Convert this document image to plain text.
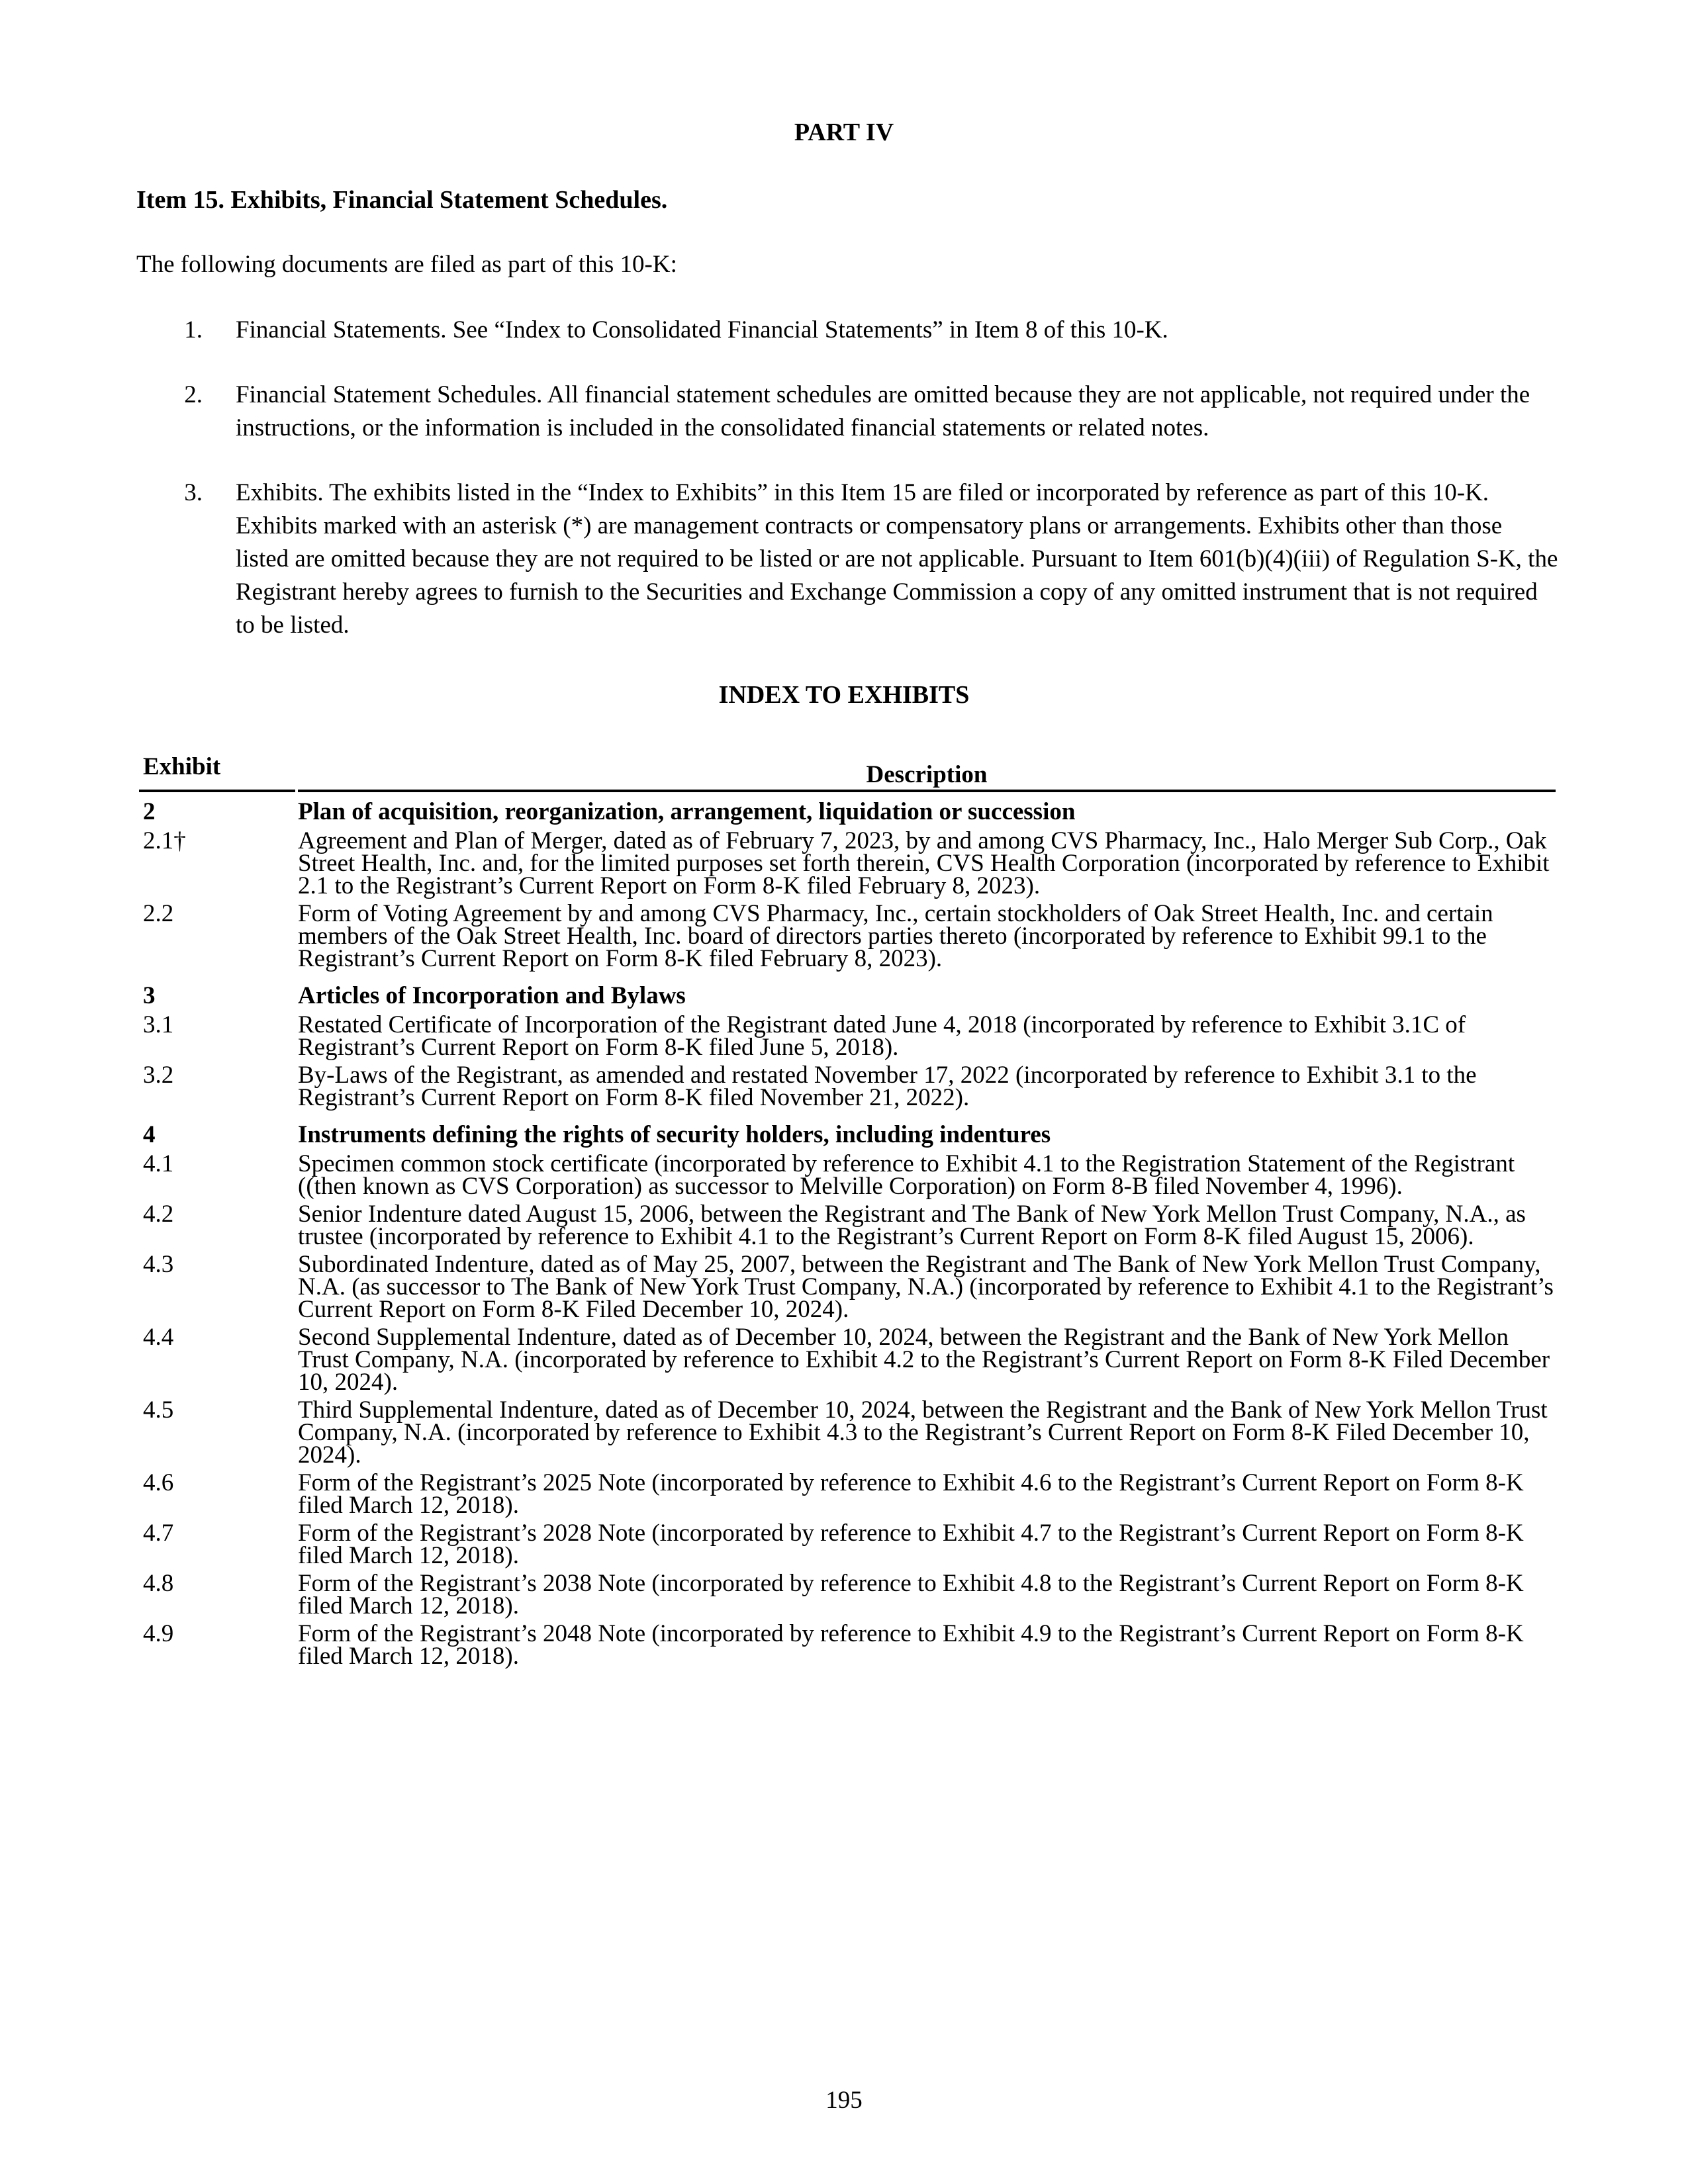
PART IV
Item 15. Exhibits, Financial Statement Schedules.
The following documents are filed as part of this 10-K:
1.	Financial Statements. See “Index to Consolidated Financial Statements” in Item 8 of this 10-K.
2.	Financial Statement Schedules. All financial statement schedules are omitted because they are not applicable, not required under the instructions, or the information is included in the consolidated financial statements or related notes.
3.	Exhibits. The exhibits listed in the “Index to Exhibits” in this Item 15 are filed or incorporated by reference as part of this 10-K. Exhibits marked with an asterisk (*) are management contracts or compensatory plans or arrangements. Exhibits other than those listed are omitted because they are not required to be listed or are not applicable. Pursuant to Item 601(b)(4)(iii) of Regulation S-K, the Registrant hereby agrees to furnish to the Securities and Exchange Commission a copy of any omitted instrument that is not required to be listed.
INDEX TO EXHIBITS
Exhibit	Description
2	Plan of acquisition, reorganization, arrangement, liquidation or succession
2.1†	Agreement and Plan of Merger, dated as of February 7, 2023, by and among CVS Pharmacy, Inc., Halo Merger Sub Corp., Oak Street Health, Inc. and, for the limited purposes set forth therein, CVS Health Corporation (incorporated by reference to Exhibit 2.1 to the Registrant’s Current Report on Form 8-K filed February 8, 2023).
2.2	Form of Voting Agreement by and among CVS Pharmacy, Inc., certain stockholders of Oak Street Health, Inc. and certain members of the Oak Street Health, Inc. board of directors parties thereto (incorporated by reference to Exhibit 99.1 to the Registrant’s Current Report on Form 8-K filed February 8, 2023).
3	Articles of Incorporation and Bylaws
3.1	Restated Certificate of Incorporation of the Registrant dated June 4, 2018 (incorporated by reference to Exhibit 3.1C of Registrant’s Current Report on Form 8-K filed June 5, 2018).
3.2	By-Laws of the Registrant, as amended and restated November 17, 2022 (incorporated by reference to Exhibit 3.1 to the Registrant’s Current Report on Form 8-K filed November 21, 2022).
4	Instruments defining the rights of security holders, including indentures
4.1	Specimen common stock certificate (incorporated by reference to Exhibit 4.1 to the Registration Statement of the Registrant ((then known as CVS Corporation) as successor to Melville Corporation) on Form 8-B filed November 4, 1996).
4.2	Senior Indenture dated August 15, 2006, between the Registrant and The Bank of New York Mellon Trust Company, N.A., as trustee (incorporated by reference to Exhibit 4.1 to the Registrant’s Current Report on Form 8-K filed August 15, 2006).
4.3	Subordinated Indenture, dated as of May 25, 2007, between the Registrant and The Bank of New York Mellon Trust Company, N.A. (as successor to The Bank of New York Trust Company, N.A.) (incorporated by reference to Exhibit 4.1 to the Registrant’s Current Report on Form 8-K Filed December 10, 2024).
4.4	Second Supplemental Indenture, dated as of December 10, 2024, between the Registrant and the Bank of New York Mellon Trust Company, N.A. (incorporated by reference to Exhibit 4.2 to the Registrant’s Current Report on Form 8-K Filed December 10, 2024).
4.5	Third Supplemental Indenture, dated as of December 10, 2024, between the Registrant and the Bank of New York Mellon Trust Company, N.A. (incorporated by reference to Exhibit 4.3 to the Registrant’s Current Report on Form 8-K Filed December 10, 2024).
4.6	Form of the Registrant’s 2025 Note (incorporated by reference to Exhibit 4.6 to the Registrant’s Current Report on Form 8-K filed March 12, 2018).
4.7	Form of the Registrant’s 2028 Note (incorporated by reference to Exhibit 4.7 to the Registrant’s Current Report on Form 8-K filed March 12, 2018).
4.8	Form of the Registrant’s 2038 Note (incorporated by reference to Exhibit 4.8 to the Registrant’s Current Report on Form 8-K filed March 12, 2018).
4.9	Form of the Registrant’s 2048 Note (incorporated by reference to Exhibit 4.9 to the Registrant’s Current Report on Form 8-K filed March 12, 2018).
195
